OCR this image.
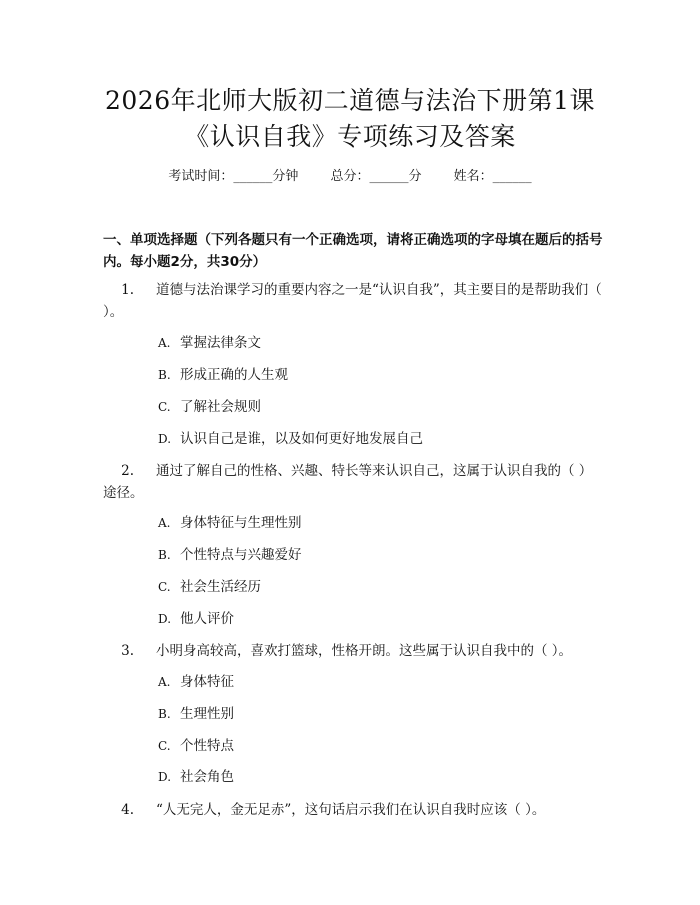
2026年北师大版初二道德与法治下册第1课
《认识自我》专项练习及答案
考试时间：______分钟 总分：______分 姓名：______
一、单项选择题（下列各题只有一个正确选项，请将正确选项的字母填在题后的括号内。每小题2分，共30分）
1. 道德与法治课学习的重要内容之一是“认识自我”，其主要目的是帮助我们（ ）。
A. 掌握法律条文
B. 形成正确的人生观
C. 了解社会规则
D. 认识自己是谁，以及如何更好地发展自己
2. 通过了解自己的性格、兴趣、特长等来认识自己，这属于认识自我的（ ）途径。
A. 身体特征与生理性别
B. 个性特点与兴趣爱好
C. 社会生活经历
D. 他人评价
3. 小明身高较高，喜欢打篮球，性格开朗。这些属于认识自我中的（ ）。
A. 身体特征
B. 生理性别
C. 个性特点
D. 社会角色
4. “人无完人，金无足赤”，这句话启示我们在认识自我时应该（ ）。
